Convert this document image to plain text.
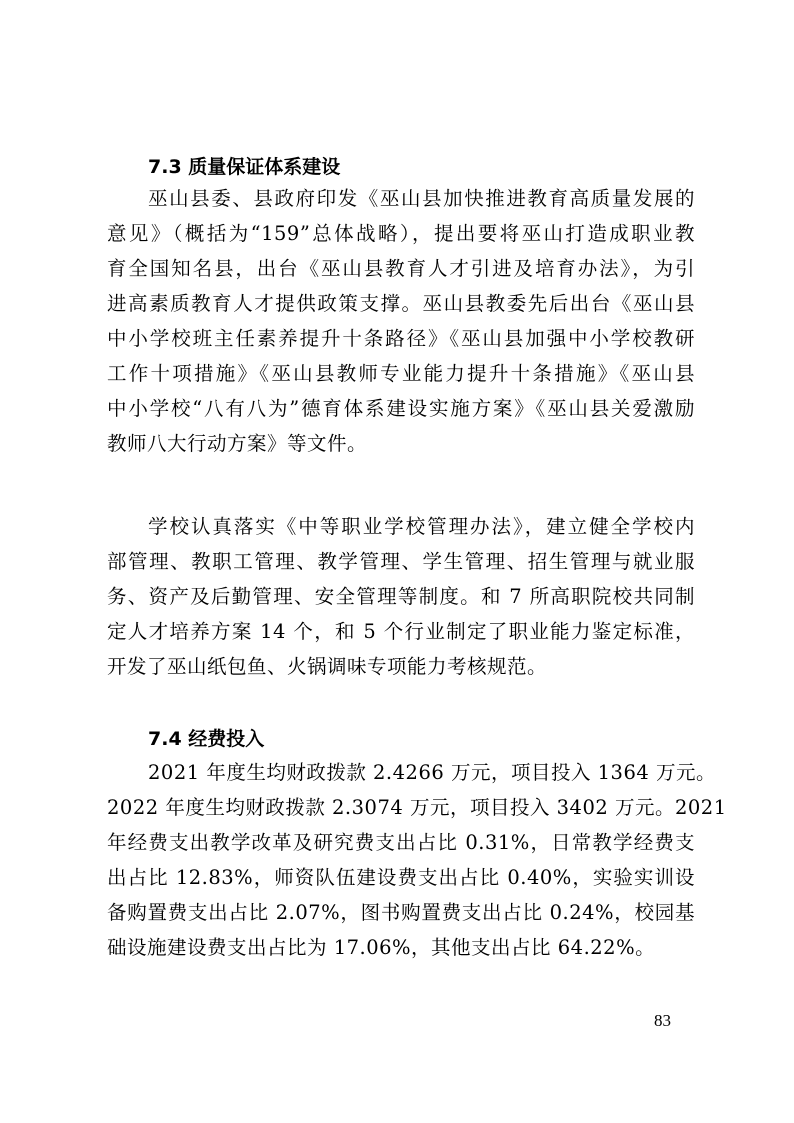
7.3 质量保证体系建设
巫山县委、县政府印发《巫山县加快推进教育高质量发展的
意见》（概括为“159”总体战略），提出要将巫山打造成职业教
育全国知名县，出台《巫山县教育人才引进及培育办法》，为引
进高素质教育人才提供政策支撑。巫山县教委先后出台《巫山县
中小学校班主任素养提升十条路径》《巫山县加强中小学校教研
工作十项措施》《巫山县教师专业能力提升十条措施》《巫山县
中小学校“八有八为”德育体系建设实施方案》《巫山县关爱激励
教师八大行动方案》等文件。
学校认真落实《中等职业学校管理办法》，建立健全学校内
部管理、教职工管理、教学管理、学生管理、招生管理与就业服
务、资产及后勤管理、安全管理等制度。和 7 所高职院校共同制
定人才培养方案 14 个，和 5 个行业制定了职业能力鉴定标准，
开发了巫山纸包鱼、火锅调味专项能力考核规范。
7.4 经费投入
2021 年度生均财政拨款 2.4266 万元，项目投入 1364 万元。
2022 年度生均财政拨款 2.3074 万元，项目投入 3402 万元。2021
年经费支出教学改革及研究费支出占比 0.31%，日常教学经费支
出占比 12.83%，师资队伍建设费支出占比 0.40%，实验实训设
备购置费支出占比 2.07%，图书购置费支出占比 0.24%，校园基
础设施建设费支出占比为 17.06%，其他支出占比 64.22%。
83
